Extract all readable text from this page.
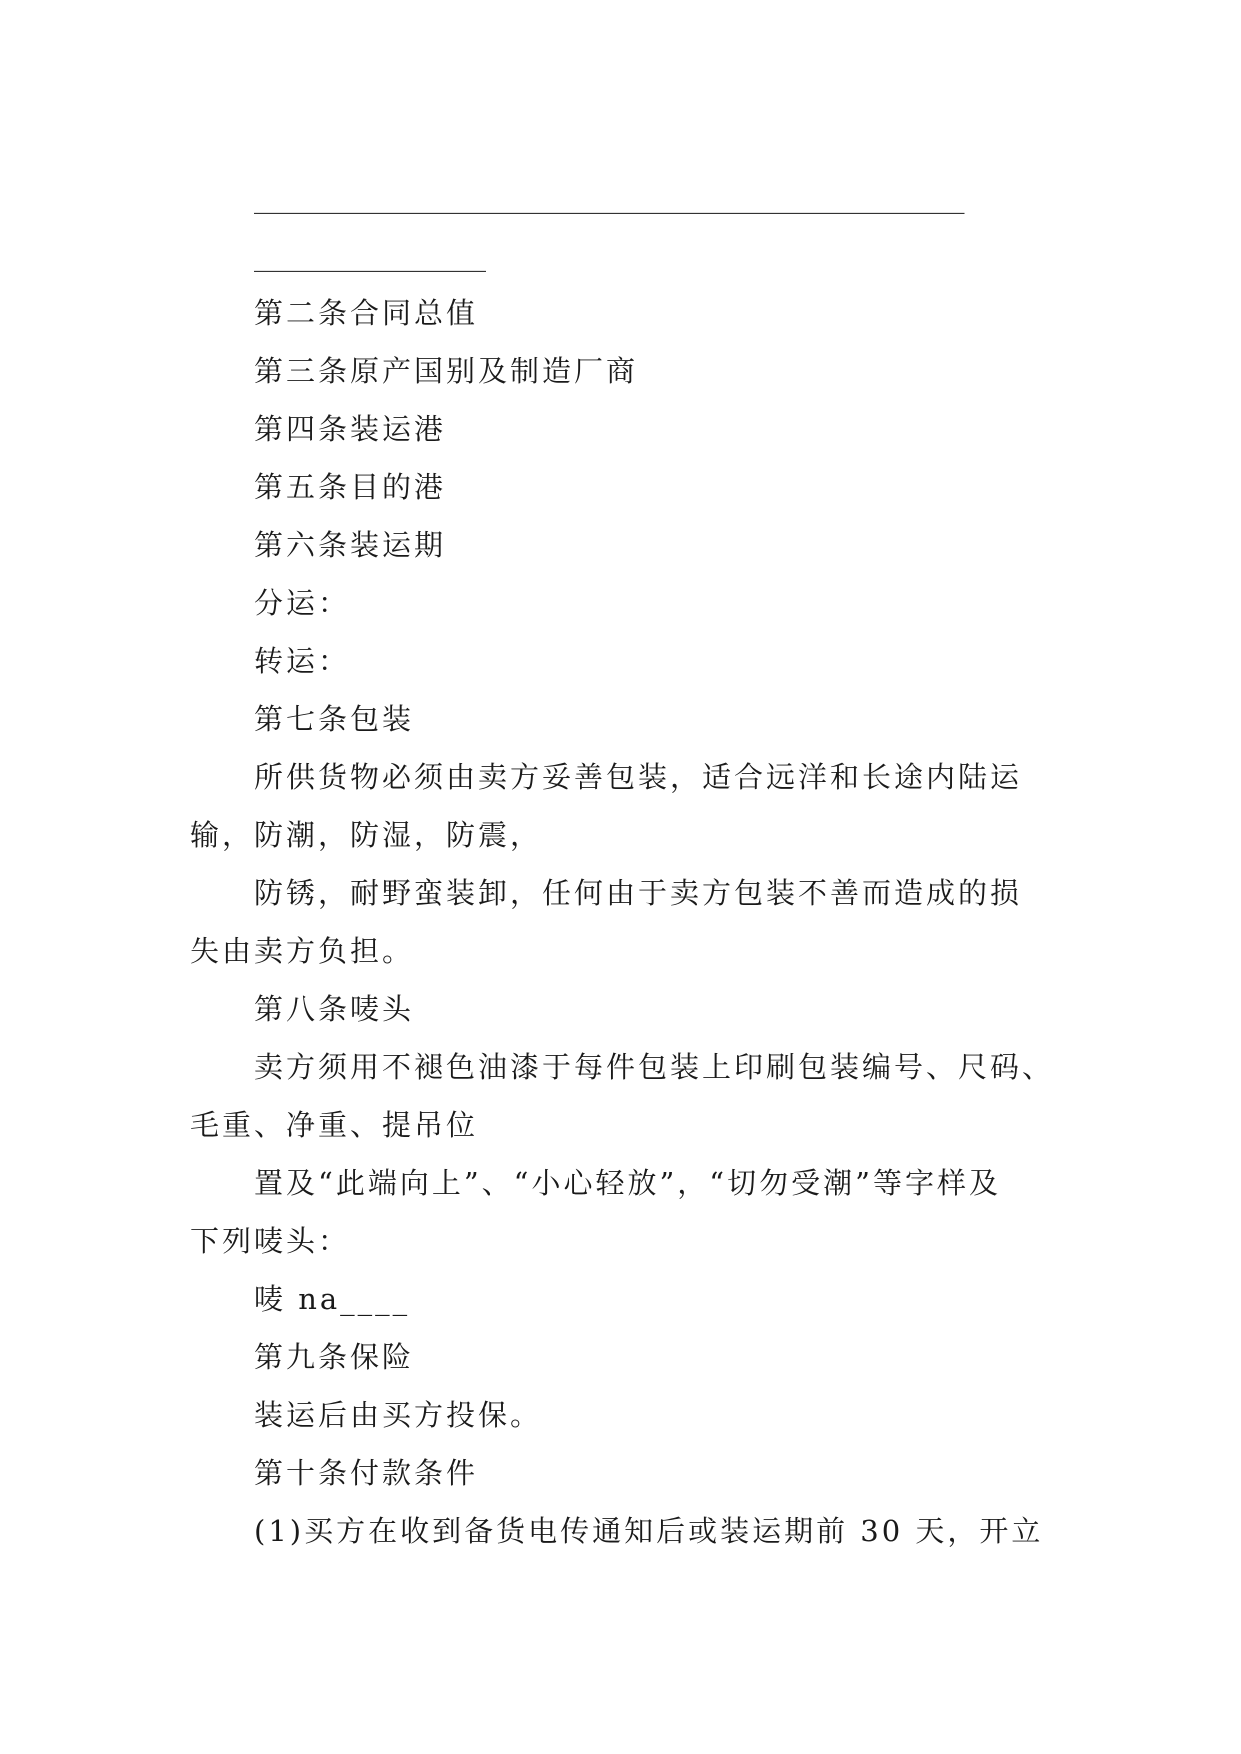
_________________________________________________
________________

第二条合同总值

第三条原产国别及制造厂商

第四条装运港

第五条目的港

第六条装运期

分运：

转运：

第七条包装

所供货物必须由卖方妥善包装，适合远洋和长途内陆运

输，防潮，防湿，防震，

防锈，耐野蛮装卸，任何由于卖方包装不善而造成的损

失由卖方负担。

第八条唛头

卖方须用不褪色油漆于每件包装上印刷包装编号、尺码、

毛重、净重、提吊位

置及“此端向上”、“小心轻放”，“切勿受潮”等字样及

下列唛头：

唛 na____

第九条保险

装运后由买方投保。

第十条付款条件

(1)买方在收到备货电传通知后或装运期前 30 天，开立
